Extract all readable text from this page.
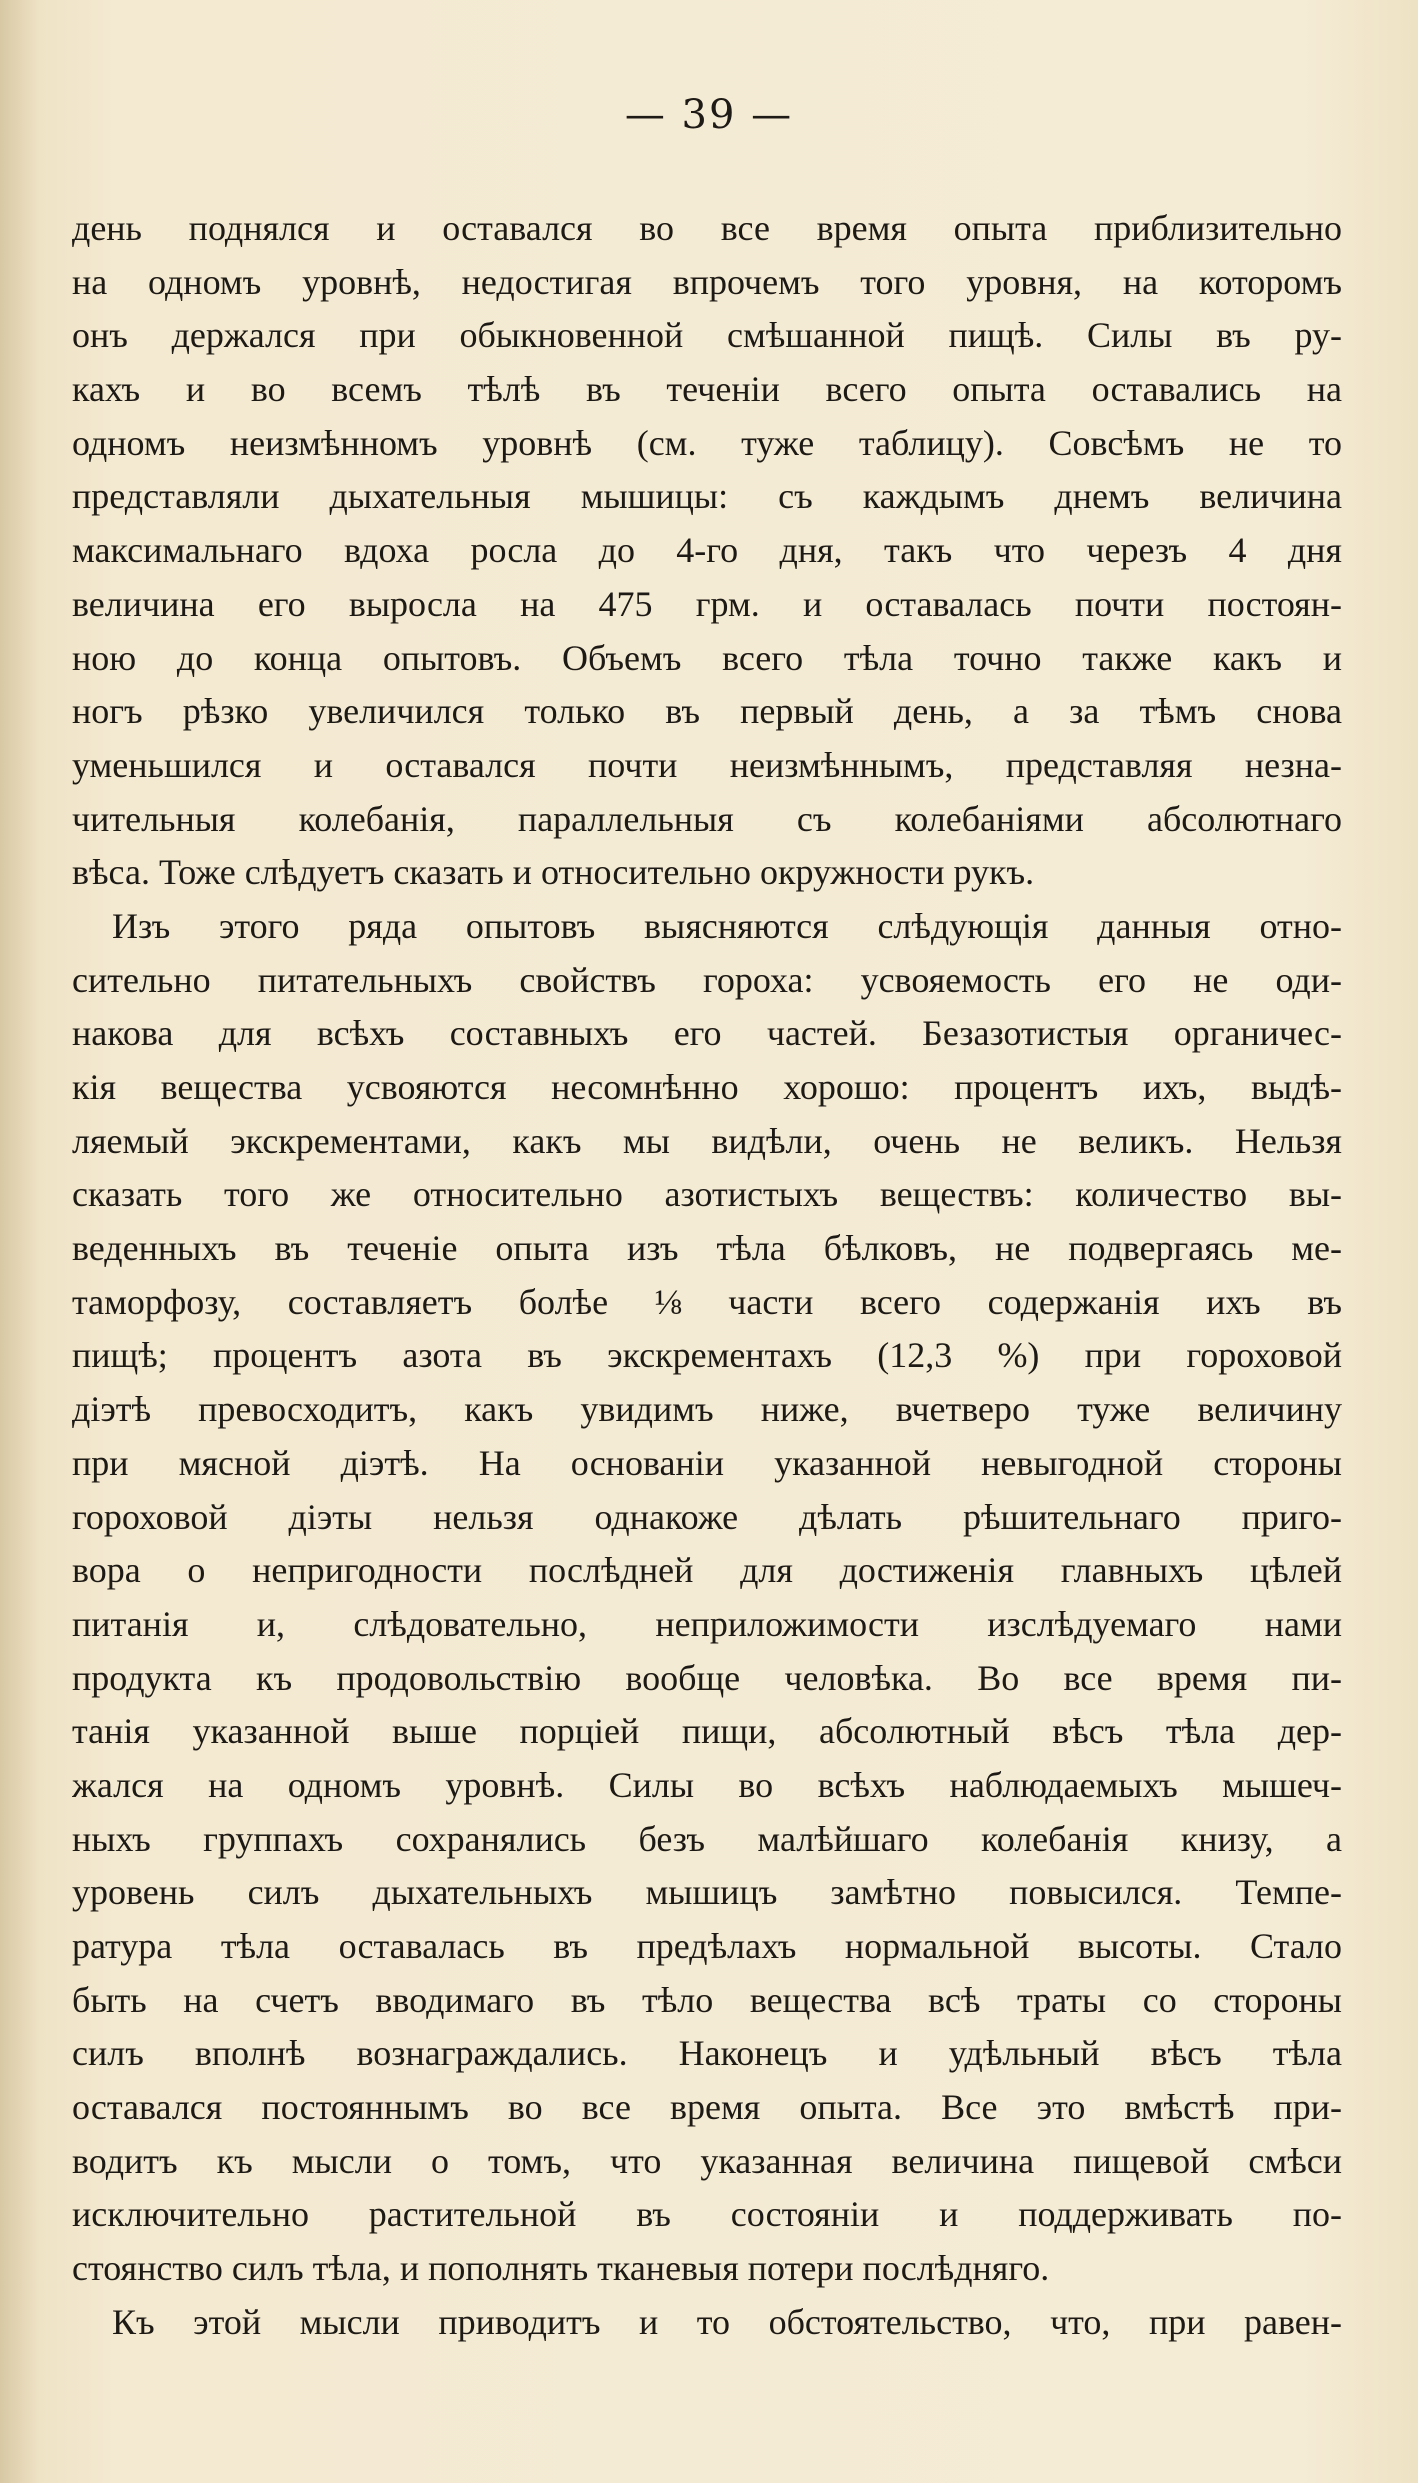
— 39 —
день поднялся и оставался во все время опыта приблизительно
на одномъ уровнѣ, недостигая впрочемъ того уровня, на которомъ
онъ держался при обыкновенной смѣшанной пищѣ. Силы въ ру-
кахъ и во всемъ тѣлѣ въ теченіи всего опыта оставались на
одномъ неизмѣнномъ уровнѣ (см. туже таблицу). Совсѣмъ не то
представляли дыхательныя мышицы: съ каждымъ днемъ величина
максимальнаго вдоха росла до 4-го дня, такъ что черезъ 4 дня
величина его выросла на 475 грм. и оставалась почти постоян-
ною до конца опытовъ. Объемъ всего тѣла точно также какъ и
ногъ рѣзко увеличился только въ первый день, а за тѣмъ снова
уменьшился и оставался почти неизмѣннымъ, представляя незна-
чительныя колебанія, параллельныя съ колебаніями абсолютнаго
вѣса. Тоже слѣдуетъ сказать и относительно окружности рукъ.
Изъ этого ряда опытовъ выясняются слѣдующія данныя отно-
сительно питательныхъ свойствъ гороха: усвояемость его не оди-
накова для всѣхъ составныхъ его частей. Безазотистыя органичес-
кія вещества усвояются несомнѣнно хорошо: процентъ ихъ, выдѣ-
ляемый экскрементами, какъ мы видѣли, очень не великъ. Нельзя
сказать того же относительно азотистыхъ веществъ: количество вы-
веденныхъ въ теченіе опыта изъ тѣла бѣлковъ, не подвергаясь ме-
таморфозу, составляетъ болѣе ⅛ части всего содержанія ихъ въ
пищѣ; процентъ азота въ экскрементахъ (12,3 %) при гороховой
діэтѣ превосходитъ, какъ увидимъ ниже, вчетверо туже величину
при мясной діэтѣ. На основаніи указанной невыгодной стороны
гороховой діэты нельзя однакоже дѣлать рѣшительнаго приго-
вора о непригодности послѣдней для достиженія главныхъ цѣлей
питанія и, слѣдовательно, неприложимости изслѣдуемаго нами
продукта къ продовольствію вообще человѣка. Во все время пи-
танія указанной выше порціей пищи, абсолютный вѣсъ тѣла дер-
жался на одномъ уровнѣ. Силы во всѣхъ наблюдаемыхъ мышеч-
ныхъ группахъ сохранялись безъ малѣйшаго колебанія книзу, а
уровень силъ дыхательныхъ мышицъ замѣтно повысился. Темпе-
ратура тѣла оставалась въ предѣлахъ нормальной высоты. Стало
быть на счетъ вводимаго въ тѣло вещества всѣ траты со стороны
силъ вполнѣ вознаграждались. Наконецъ и удѣльный вѣсъ тѣла
оставался постояннымъ во все время опыта. Все это вмѣстѣ при-
водитъ къ мысли о томъ, что указанная величина пищевой смѣси
исключительно растительной въ состояніи и поддерживать по-
стоянство силъ тѣла, и пополнять тканевыя потери послѣдняго.
Къ этой мысли приводитъ и то обстоятельство, что, при равен-
